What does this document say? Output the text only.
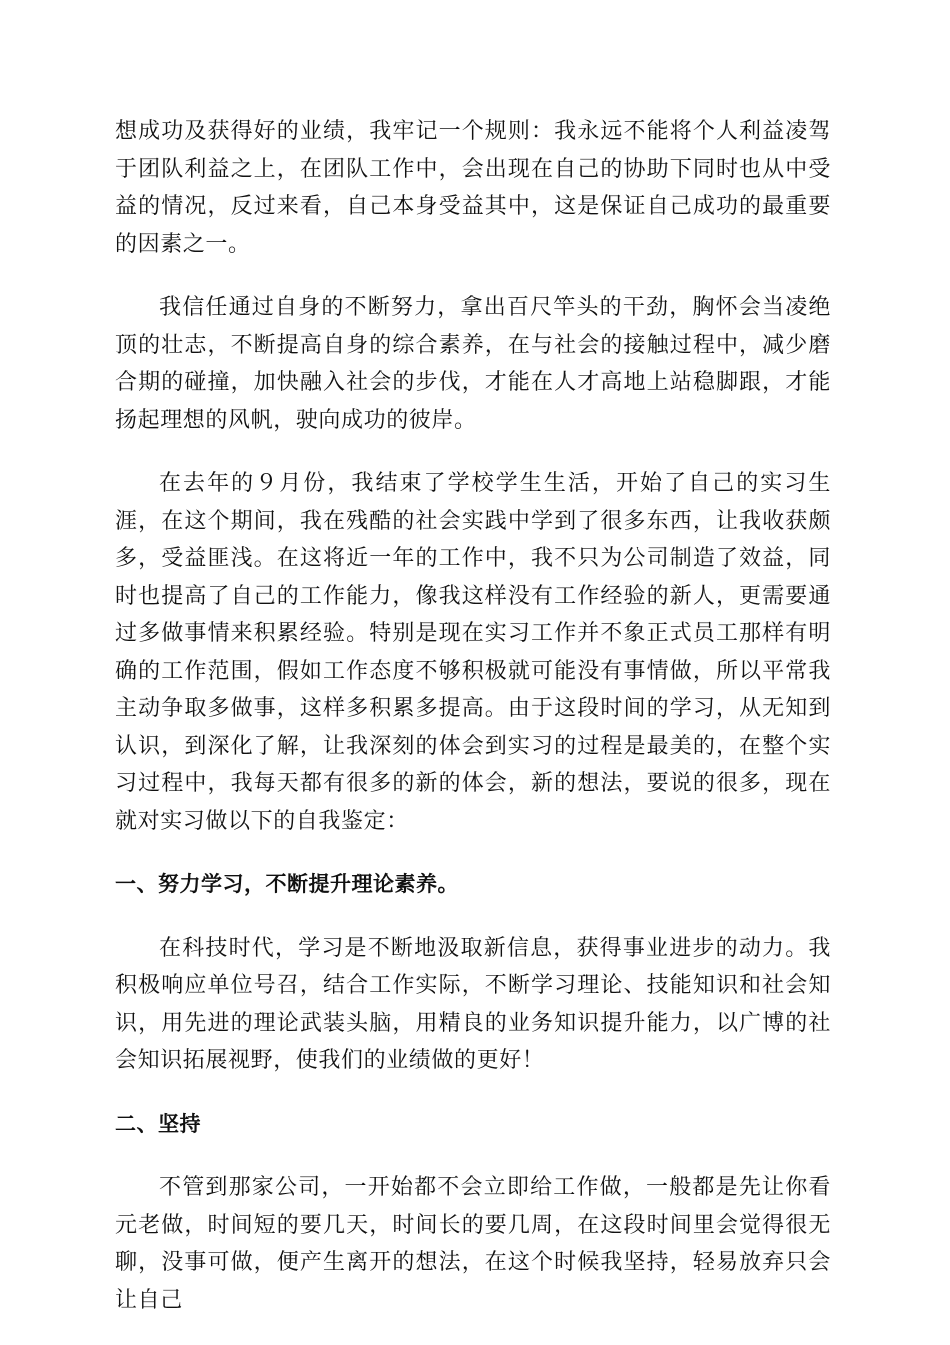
想成功及获得好的业绩，我牢记一个规则：我永远不能将个人利益凌驾于团队利益之上，在团队工作中，会出现在自己的协助下同时也从中受益的情况，反过来看，自己本身受益其中，这是保证自己成功的最重要的因素之一。

我信任通过自身的不断努力，拿出百尺竿头的干劲，胸怀会当凌绝顶的壮志，不断提高自身的综合素养，在与社会的接触过程中，减少磨合期的碰撞，加快融入社会的步伐，才能在人才高地上站稳脚跟，才能扬起理想的风帆，驶向成功的彼岸。

在去年的９月份，我结束了学校学生生活，开始了自己的实习生涯，在这个期间，我在残酷的社会实践中学到了很多东西，让我收获颇多，受益匪浅。在这将近一年的工作中，我不只为公司制造了效益，同时也提高了自己的工作能力，像我这样没有工作经验的新人，更需要通过多做事情来积累经验。特别是现在实习工作并不象正式员工那样有明确的工作范围，假如工作态度不够积极就可能没有事情做，所以平常我主动争取多做事，这样多积累多提高。由于这段时间的学习，从无知到认识，到深化了解，让我深刻的体会到实习的过程是最美的，在整个实习过程中，我每天都有很多的新的体会，新的想法，要说的很多，现在就对实习做以下的自我鉴定：

一、努力学习，不断提升理论素养。

在科技时代，学习是不断地汲取新信息，获得事业进步的动力。我积极响应单位号召，结合工作实际，不断学习理论、技能知识和社会知识，用先进的理论武装头脑，用精良的业务知识提升能力，以广博的社会知识拓展视野，使我们的业绩做的更好！

二、坚持

不管到那家公司，一开始都不会立即给工作做，一般都是先让你看元老做，时间短的要几天，时间长的要几周，在这段时间里会觉得很无聊，没事可做，便产生离开的想法，在这个时候我坚持，轻易放弃只会让自己
